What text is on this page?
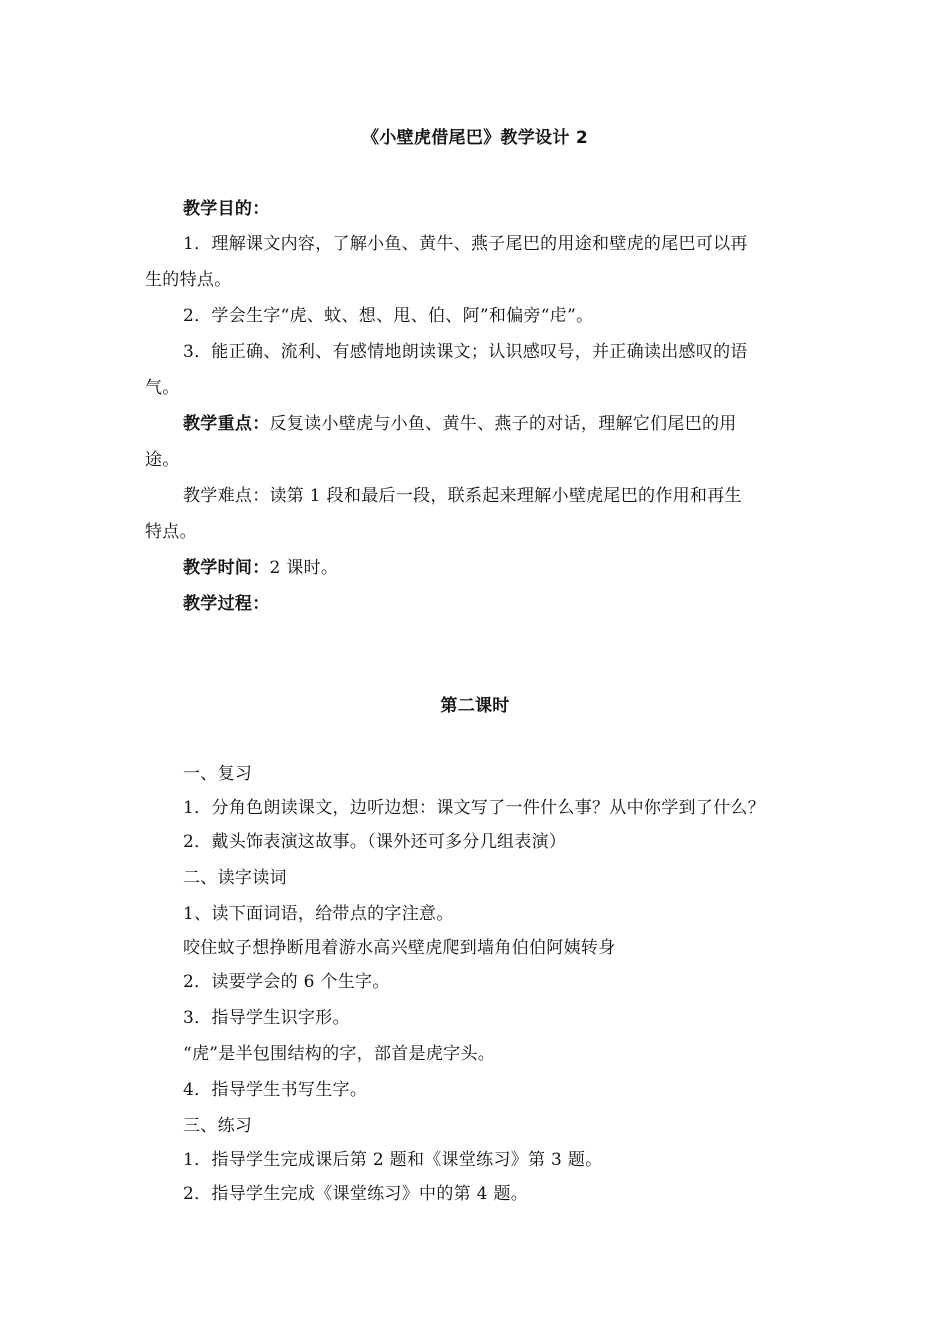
《小壁虎借尾巴》教学设计 2
教学目的：
1．理解课文内容，了解小鱼、黄牛、燕子尾巴的用途和壁虎的尾巴可以再
生的特点。
2．学会生字“虎、蚊、想、甩、伯、阿”和偏旁“虍”。
3．能正确、流利、有感情地朗读课文；认识感叹号，并正确读出感叹的语
气。
教学重点：反复读小壁虎与小鱼、黄牛、燕子的对话，理解它们尾巴的用
途。
教学难点：读第 1 段和最后一段，联系起来理解小壁虎尾巴的作用和再生
特点。
教学时间：2 课时。
教学过程：
第二课时
一、复习
1．分角色朗读课文，边听边想：课文写了一件什么事？从中你学到了什么？
2．戴头饰表演这故事。（课外还可多分几组表演）
二、读字读词
1、读下面词语，给带点的字注意。
咬住蚊子想挣断甩着游水高兴壁虎爬到墙角伯伯阿姨转身
2．读要学会的 6 个生字。
3．指导学生识字形。
“虎”是半包围结构的字，部首是虎字头。
4．指导学生书写生字。
三、练习
1．指导学生完成课后第 2 题和《课堂练习》第 3 题。
2．指导学生完成《课堂练习》中的第 4 题。
